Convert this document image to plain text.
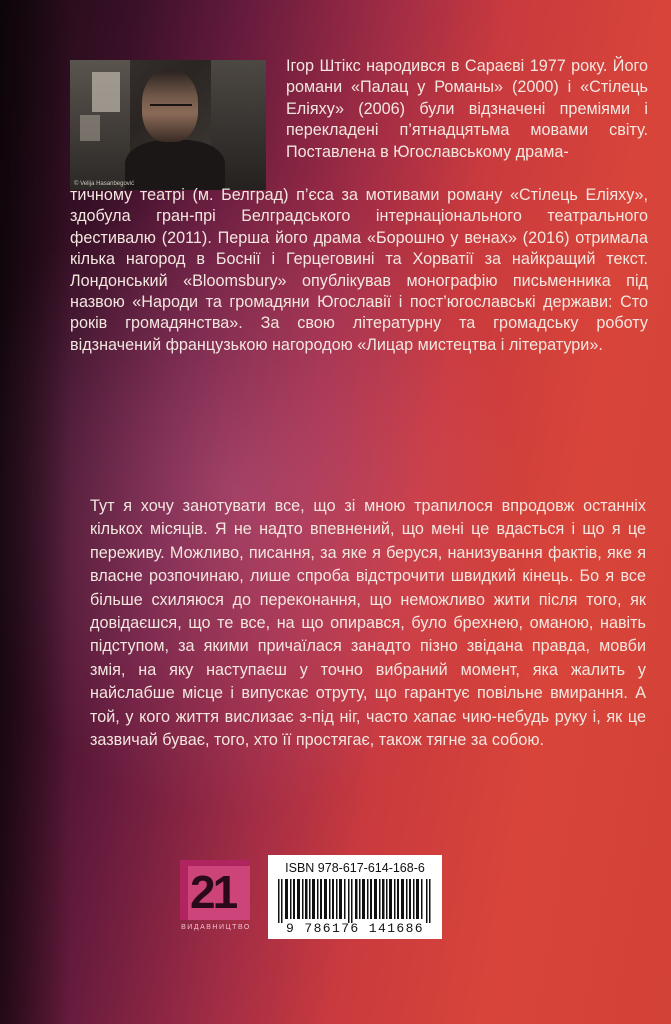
© Velija Hasanbegović

Ігор Штікс народився в Сараєві 1977 року. Його романи «Палац у Романы» (2000) і «Стілець Еліяху» (2006) були відзначені преміями і перекладені п’ятнадцятьма мовами світу. Поставлена в Югославському драма-

тичному театрі (м. Белград) п’єса за мотивами роману «Стілець Еліяху», здобула гран-прі Белградського інтернаціонального театрального фестивалю (2011). Перша його драма «Борошно у венах» (2016) отримала кілька нагород в Боснії і Герцеговині та Хорватії за найкращий текст. Лондонський «Bloomsbury» опублікував монографію письменника під назвою «Народи та громадяни Югославії і пост’югославські держави: Сто років громадянства». За свою літературну та громадську роботу відзначений французькою нагородою «Лицар мистецтва і літератури».

Тут я хочу занотувати все, що зі мною трапилося впродовж останніх кількох місяців. Я не надто впевнений, що мені це вдасться і що я це переживу. Можливо, писання, за яке я беруся, нанизування фактів, яке я власне розпочинаю, лише спроба відстрочити швидкий кінець. Бо я все більше схиляюся до переконання, що неможливо жити після того, як довідаєшся, що те все, на що опирався, було брехнею, оманою, навіть підступом, за якими причаїлася занадто пізно звідана правда, мовби змія, на яку наступаєш у точно вибраний момент, яка жалить у найслабше місце і випускає отруту, що гарантує повільне вмирання. А той, у кого життя вислизає з-під ніг, часто хапає чию-небудь руку і, як це зазвичай буває, того, хто її простягає, також тягне за собою.

21
ВИДАВНИЦТВО
ISBN 978-617-614-168-6
9 786176 141686
